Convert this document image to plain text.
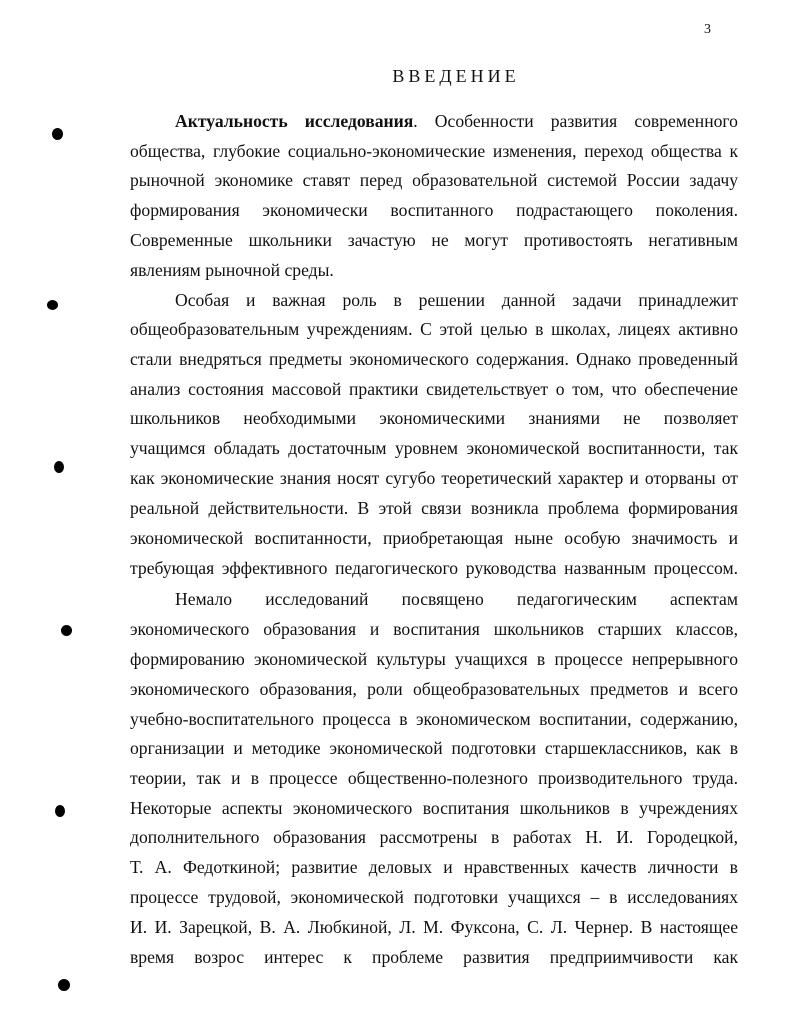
3
ВВЕДЕНИЕ
Актуальность исследования. Особенности развития современного
общества, глубокие социально-экономические изменения, переход общества к
рыночной экономике ставят перед образовательной системой России задачу
формирования экономически воспитанного подрастающего поколения.
Современные школьники зачастую не могут противостоять негативным
явлениям рыночной среды.
Особая и важная роль в решении данной задачи принадлежит
общеобразовательным учреждениям. С этой целью в школах, лицеях активно
стали внедряться предметы экономического содержания. Однако проведенный
анализ состояния массовой практики свидетельствует о том, что обеспечение
школьников необходимыми экономическими знаниями не позволяет
учащимся обладать достаточным уровнем экономической воспитанности, так
как экономические знания носят сугубо теоретический характер и оторваны от
реальной действительности. В этой связи возникла проблема формирования
экономической воспитанности, приобретающая ныне особую значимость и
требующая эффективного педагогического руководства названным процессом.
Немало исследований посвящено педагогическим аспектам
экономического образования и воспитания школьников старших классов,
формированию экономической культуры учащихся в процессе непрерывного
экономического образования, роли общеобразовательных предметов и всего
учебно-воспитательного процесса в экономическом воспитании, содержанию,
организации и методике экономической подготовки старшеклассников, как в
теории, так и в процессе общественно-полезного производительного труда.
Некоторые аспекты экономического воспитания школьников в учреждениях
дополнительного образования рассмотрены в работах Н. И. Городецкой,
Т. А. Федоткиной; развитие деловых и нравственных качеств личности в
процессе трудовой, экономической подготовки учащихся – в исследованиях
И. И. Зарецкой, В. А. Любкиной, Л. М. Фуксона, С. Л. Чернер. В настоящее
время возрос интерес к проблеме развития предприимчивости как
